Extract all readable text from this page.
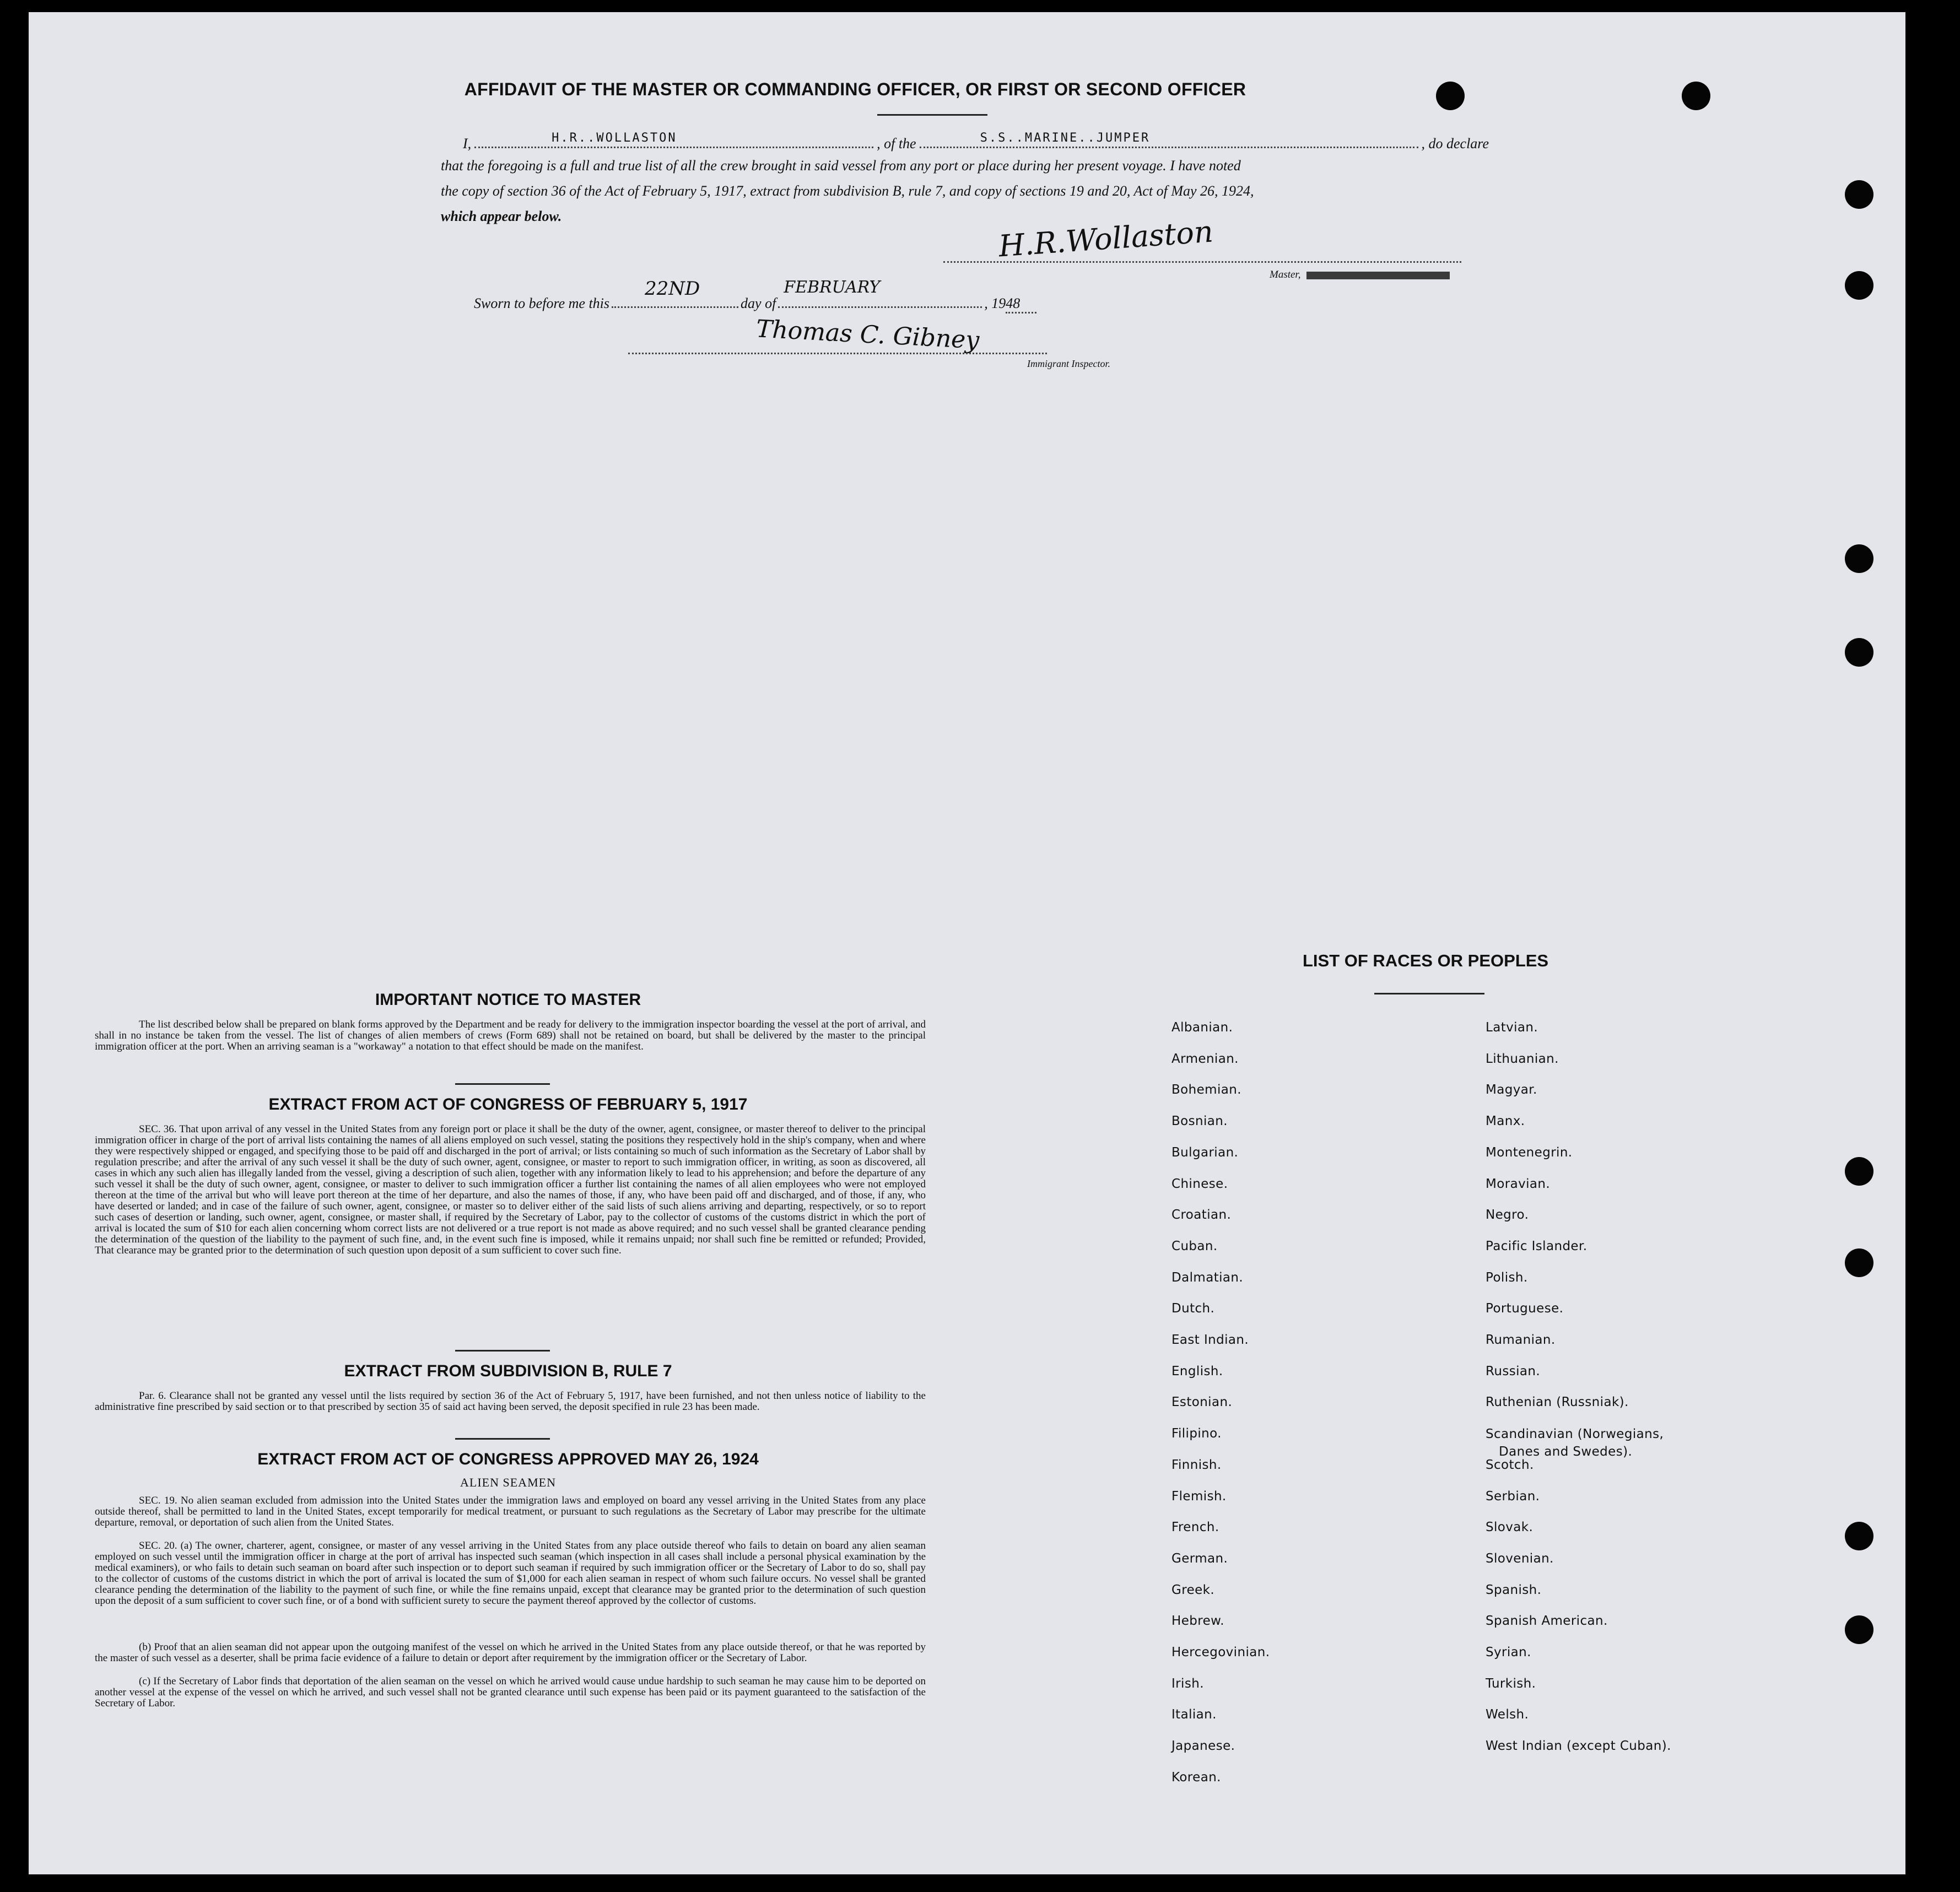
AFFIDAVIT OF THE MASTER OR COMMANDING OFFICER, OR FIRST OR SECOND OFFICER
I,	H.R..WOLLASTON	, of the	S.S..MARINE..JUMPER	, do declare
that the foregoing is a full and true list of all the crew brought in said vessel from any port or place during her present voyage. I have noted
the copy of section 36 of the Act of February 5, 1917, extract from subdivision B, rule 7, and copy of sections 19 and 20, Act of May 26, 1924,
which appear below.	H.R.Wollaston
Master,
Sworn to before me this
22ND
day of
FEBRUARY
, 19 48
Thomas C. Gibney
Immigrant Inspector.
IMPORTANT NOTICE TO MASTER
The list described below shall be prepared on blank forms approved by the Department and be ready for delivery to the immigration inspector boarding the vessel at the port of arrival, and shall in no instance be taken from the vessel. The list of changes of alien members of crews (Form 689) shall not be retained on board, but shall be delivered by the master to the principal immigration officer at the port. When an arriving seaman is a "workaway" a notation to that effect should be made on the manifest.
EXTRACT FROM ACT OF CONGRESS OF FEBRUARY 5, 1917
SEC. 36. That upon arrival of any vessel in the United States from any foreign port or place it shall be the duty of the owner, agent, consignee, or master thereof to deliver to the principal immigration officer in charge of the port of arrival lists containing the names of all aliens employed on such vessel, stating the positions they respectively hold in the ship's company, when and where they were respectively shipped or engaged, and specifying those to be paid off and discharged in the port of arrival; or lists containing so much of such information as the Secretary of Labor shall by regulation prescribe; and after the arrival of any such vessel it shall be the duty of such owner, agent, consignee, or master to report to such immigration officer, in writing, as soon as discovered, all cases in which any such alien has illegally landed from the vessel, giving a description of such alien, together with any information likely to lead to his apprehension; and before the departure of any such vessel it shall be the duty of such owner, agent, consignee, or master to deliver to such immigration officer a further list containing the names of all alien employees who were not employed thereon at the time of the arrival but who will leave port thereon at the time of her departure, and also the names of those, if any, who have been paid off and discharged, and of those, if any, who have deserted or landed; and in case of the failure of such owner, agent, consignee, or master so to deliver either of the said lists of such aliens arriving and departing, respectively, or so to report such cases of desertion or landing, such owner, agent, consignee, or master shall, if required by the Secretary of Labor, pay to the collector of customs of the customs district in which the port of arrival is located the sum of $10 for each alien concerning whom correct lists are not delivered or a true report is not made as above required; and no such vessel shall be granted clearance pending the determination of the question of the liability to the payment of such fine, and, in the event such fine is imposed, while it remains unpaid; nor shall such fine be remitted or refunded; Provided, That clearance may be granted prior to the determination of such question upon deposit of a sum sufficient to cover such fine.
EXTRACT FROM SUBDIVISION B, RULE 7
Par. 6. Clearance shall not be granted any vessel until the lists required by section 36 of the Act of February 5, 1917, have been furnished, and not then unless notice of liability to the administrative fine prescribed by said section or to that prescribed by section 35 of said act having been served, the deposit specified in rule 23 has been made.
EXTRACT FROM ACT OF CONGRESS APPROVED MAY 26, 1924
ALIEN SEAMEN
SEC. 19. No alien seaman excluded from admission into the United States under the immigration laws and employed on board any vessel arriving in the United States from any place outside thereof, shall be permitted to land in the United States, except temporarily for medical treatment, or pursuant to such regulations as the Secretary of Labor may prescribe for the ultimate departure, removal, or deportation of such alien from the United States.
SEC. 20. (a) The owner, charterer, agent, consignee, or master of any vessel arriving in the United States from any place outside thereof who fails to detain on board any alien seaman employed on such vessel until the immigration officer in charge at the port of arrival has inspected such seaman (which inspection in all cases shall include a personal physical examination by the medical examiners), or who fails to detain such seaman on board after such inspection or to deport such seaman if required by such immigration officer or the Secretary of Labor to do so, shall pay to the collector of customs of the customs district in which the port of arrival is located the sum of $1,000 for each alien seaman in respect of whom such failure occurs. No vessel shall be granted clearance pending the determination of the liability to the payment of such fine, or while the fine remains unpaid, except that clearance may be granted prior to the determination of such question upon the deposit of a sum sufficient to cover such fine, or of a bond with sufficient surety to secure the payment thereof approved by the collector of customs.
(b) Proof that an alien seaman did not appear upon the outgoing manifest of the vessel on which he arrived in the United States from any place outside thereof, or that he was reported by the master of such vessel as a deserter, shall be prima facie evidence of a failure to detain or deport after requirement by the immigration officer or the Secretary of Labor.
(c) If the Secretary of Labor finds that deportation of the alien seaman on the vessel on which he arrived would cause undue hardship to such seaman he may cause him to be deported on another vessel at the expense of the vessel on which he arrived, and such vessel shall not be granted clearance until such expense has been paid or its payment guaranteed to the satisfaction of the Secretary of Labor.
LIST OF RACES OR PEOPLES
Albanian.
Armenian.
Bohemian.
Bosnian.
Bulgarian.
Chinese.
Croatian.
Cuban.
Dalmatian.
Dutch.
East Indian.
English.
Estonian.
Filipino.
Finnish.
Flemish.
French.
German.
Greek.
Hebrew.
Hercegovinian.
Irish.
Italian.
Japanese.
Korean.
Latvian.
Lithuanian.
Magyar.
Manx.
Montenegrin.
Moravian.
Negro.
Pacific Islander.
Polish.
Portuguese.
Rumanian.
Russian.
Ruthenian (Russniak).
Scandinavian (Norwegians,
Danes and Swedes).
Scotch.
Serbian.
Slovak.
Slovenian.
Spanish.
Spanish American.
Syrian.
Turkish.
Welsh.
West Indian (except Cuban).
